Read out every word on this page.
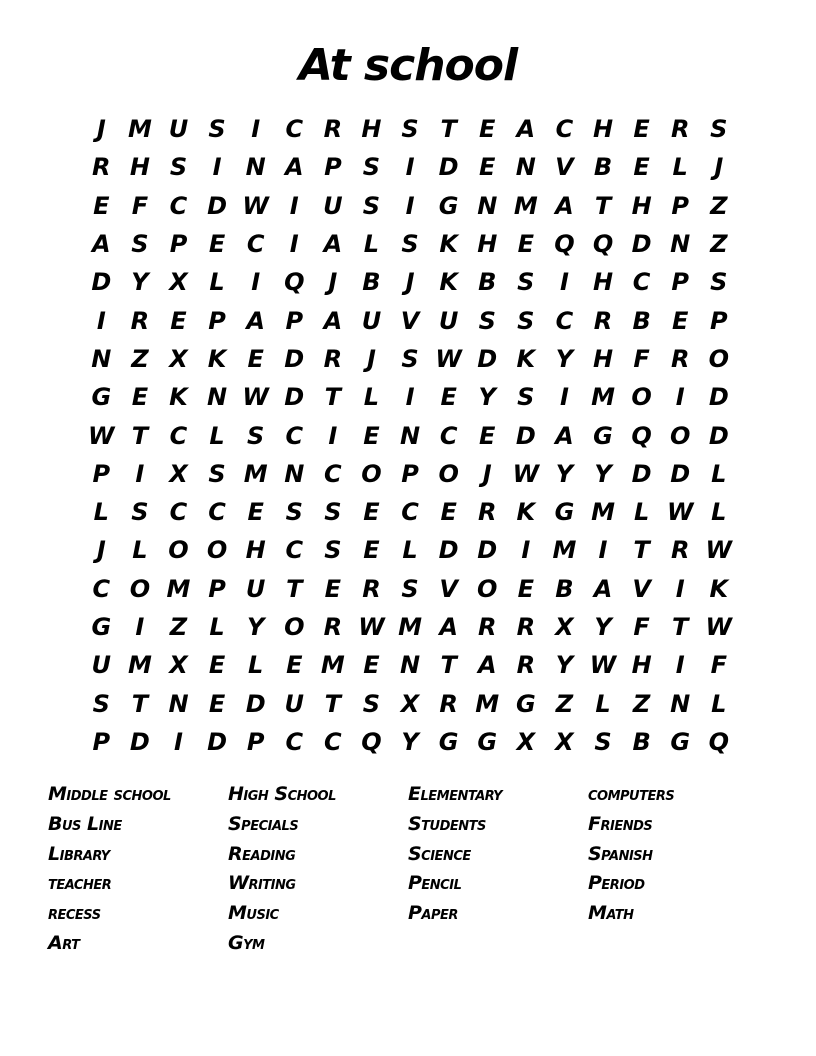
At school
J M U S	I	C R H S T E A C H E R S
R H S	I	N A P S	I	D E N V B E L	J
E F C D W I	U S	I	G N M A T H P Z
A S P E C	I	A L S K H E Q Q D N Z
D Y X L	I Q J	B	J	K B S	I	H C P S
I	R E P A P A U V U S S C R B E P
N Z X K E D R	J	S W D K Y H F R O
G E K N W D T L	I	E Y S	I M O I	D
W T C L S C	I	E N C E D A G Q O D
P	I	X S M N C O P O J W Y Y D D L
L S C C E S S E C E R K G M L W L
J	L O O H C S E L D D	I M I	T R W
C O M P U T E R S V O E B A V	I	K
G	I	Z L Y O R W M A R R X Y F T W
U M X E L E M E N T A R Y W H	I	F
S T N E D U T S X R M G Z L Z N L
P D	I	D P C C Q Y G G X X S B G Q
Middle school
Bus Line
Library
teacher
recess
Art
High School
Specials
Reading
Writing
Music
Gym
Elementary
Students
Science
Pencil
Paper
computers
Friends
Spanish
Period
Math
